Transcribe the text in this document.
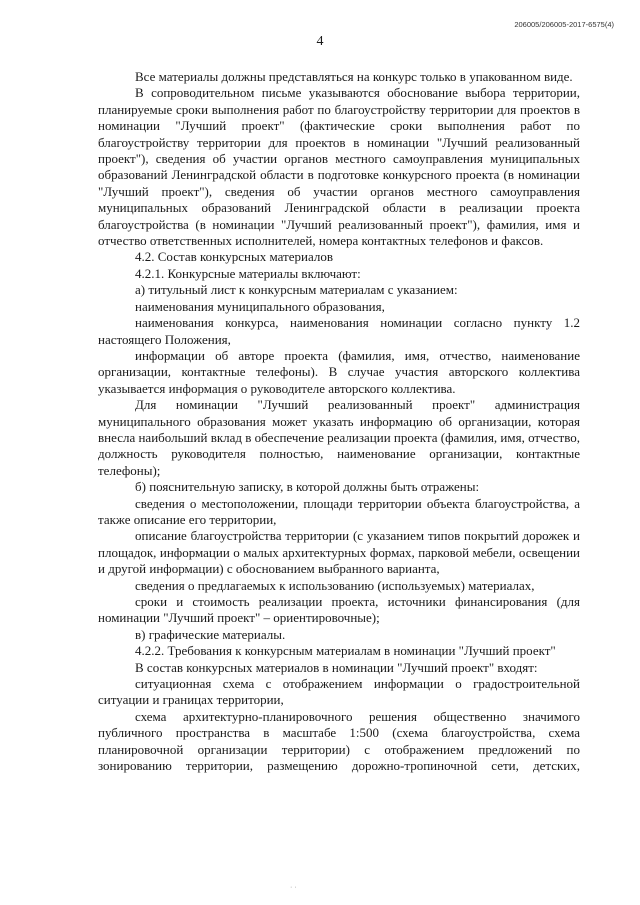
4
206005/206005-2017-6575(4)

Все материалы должны представляться на конкурс только в упакованном виде.

В сопроводительном письме указываются обоснование выбора территории, планируемые сроки выполнения работ по благоустройству территории для проектов в номинации "Лучший проект" (фактические сроки выполнения работ по благоустройству территории для проектов в номинации "Лучший реализованный проект"), сведения об участии органов местного самоуправления муниципальных образований Ленинградской области в подготовке конкурсного проекта (в номинации "Лучший проект"), сведения об участии органов местного самоуправления муниципальных образований Ленинградской области в реализации проекта благоустройства (в номинации "Лучший реализованный проект"), фамилия, имя и отчество ответственных исполнителей, номера контактных телефонов и факсов.

4.2. Состав конкурсных материалов

4.2.1. Конкурсные материалы включают:

а) титульный лист к конкурсным материалам с указанием:

наименования муниципального образования,

наименования конкурса, наименования номинации согласно пункту 1.2 настоящего Положения,

информации об авторе проекта (фамилия, имя, отчество, наименование организации, контактные телефоны). В случае участия авторского коллектива указывается информация о руководителе авторского коллектива.

Для номинации "Лучший реализованный проект" администрация муниципального образования может указать информацию об организации, которая внесла наибольший вклад в обеспечение реализации проекта (фамилия, имя, отчество, должность руководителя полностью, наименование организации, контактные телефоны);

б) пояснительную записку, в которой должны быть отражены:

сведения о местоположении, площади территории объекта благоустройства, а также описание его территории,

описание благоустройства территории (с указанием типов покрытий дорожек и площадок, информации о малых архитектурных формах, парковой мебели, освещении и другой информации) с обоснованием выбранного варианта,

сведения о предлагаемых к использованию (используемых) материалах,

сроки и стоимость реализации проекта, источники финансирования (для номинации "Лучший проект" – ориентировочные);

в) графические материалы.

4.2.2. Требования к конкурсным материалам в номинации "Лучший проект"

В состав конкурсных материалов в номинации "Лучший проект" входят:

ситуационная схема с отображением информации о градостроительной ситуации и границах территории,

схема архитектурно-планировочного решения общественно значимого публичного пространства в масштабе 1:500 (схема благоустройства, схема планировочной организации территории) с отображением предложений по зонированию территории, размещению дорожно-тропиночной сети, детских,

· ·
